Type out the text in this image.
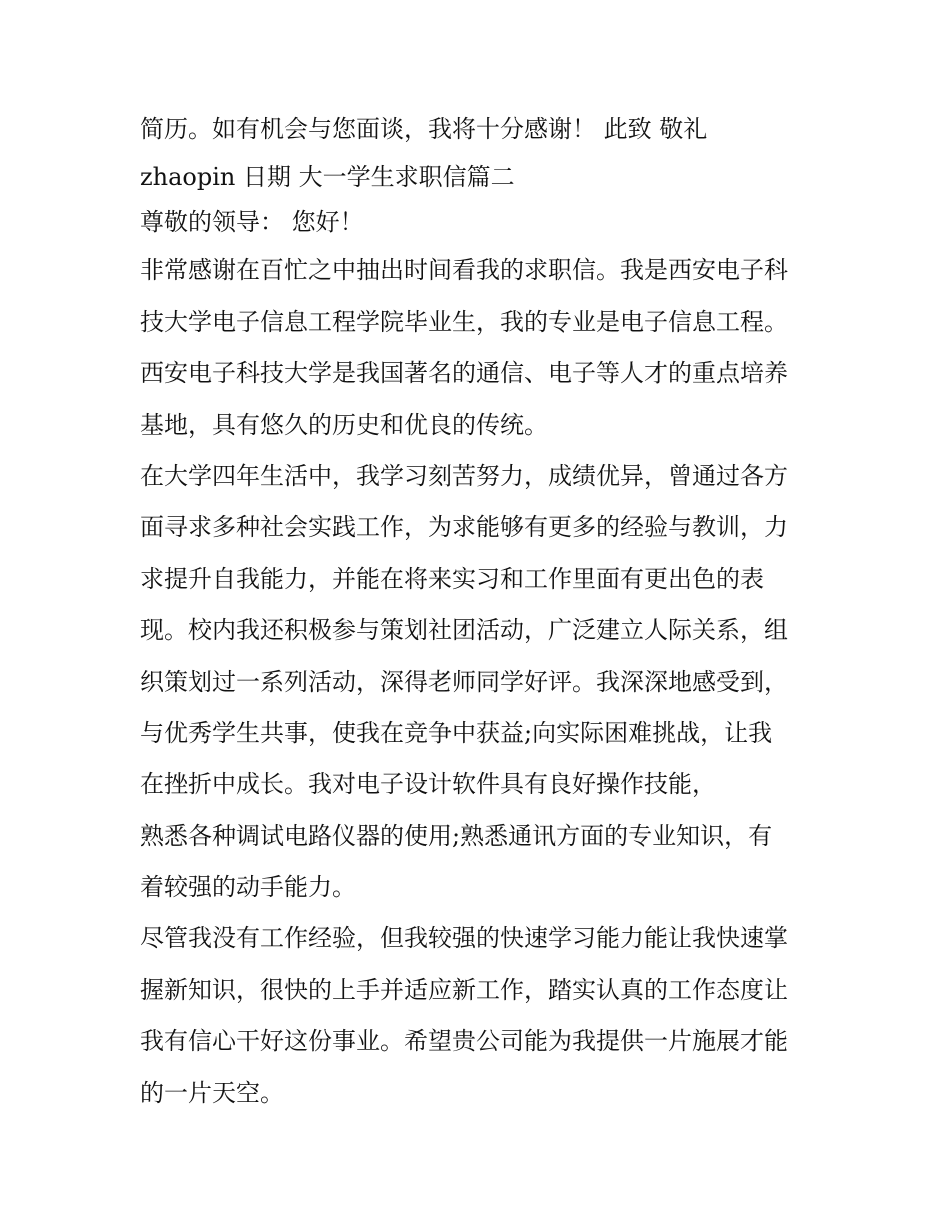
简历。如有机会与您面谈，我将十分感谢！ 此致 敬礼
zhaopin 日期 大一学生求职信篇二
尊敬的领导： 您好！
非常感谢在百忙之中抽出时间看我的求职信。我是西安电子科
技大学电子信息工程学院毕业生，我的专业是电子信息工程。
西安电子科技大学是我国著名的通信、电子等人才的重点培养
基地，具有悠久的历史和优良的传统。
在大学四年生活中，我学习刻苦努力，成绩优异，曾通过各方
面寻求多种社会实践工作，为求能够有更多的经验与教训，力
求提升自我能力，并能在将来实习和工作里面有更出色的表
现。校内我还积极参与策划社团活动，广泛建立人际关系，组
织策划过一系列活动，深得老师同学好评。我深深地感受到，
与优秀学生共事，使我在竞争中获益;向实际困难挑战，让我
在挫折中成长。我对电子设计软件具有良好操作技能，
熟悉各种调试电路仪器的使用;熟悉通讯方面的专业知识，有
着较强的动手能力。
尽管我没有工作经验，但我较强的快速学习能力能让我快速掌
握新知识，很快的上手并适应新工作，踏实认真的工作态度让
我有信心干好这份事业。希望贵公司能为我提供一片施展才能
的一片天空。
